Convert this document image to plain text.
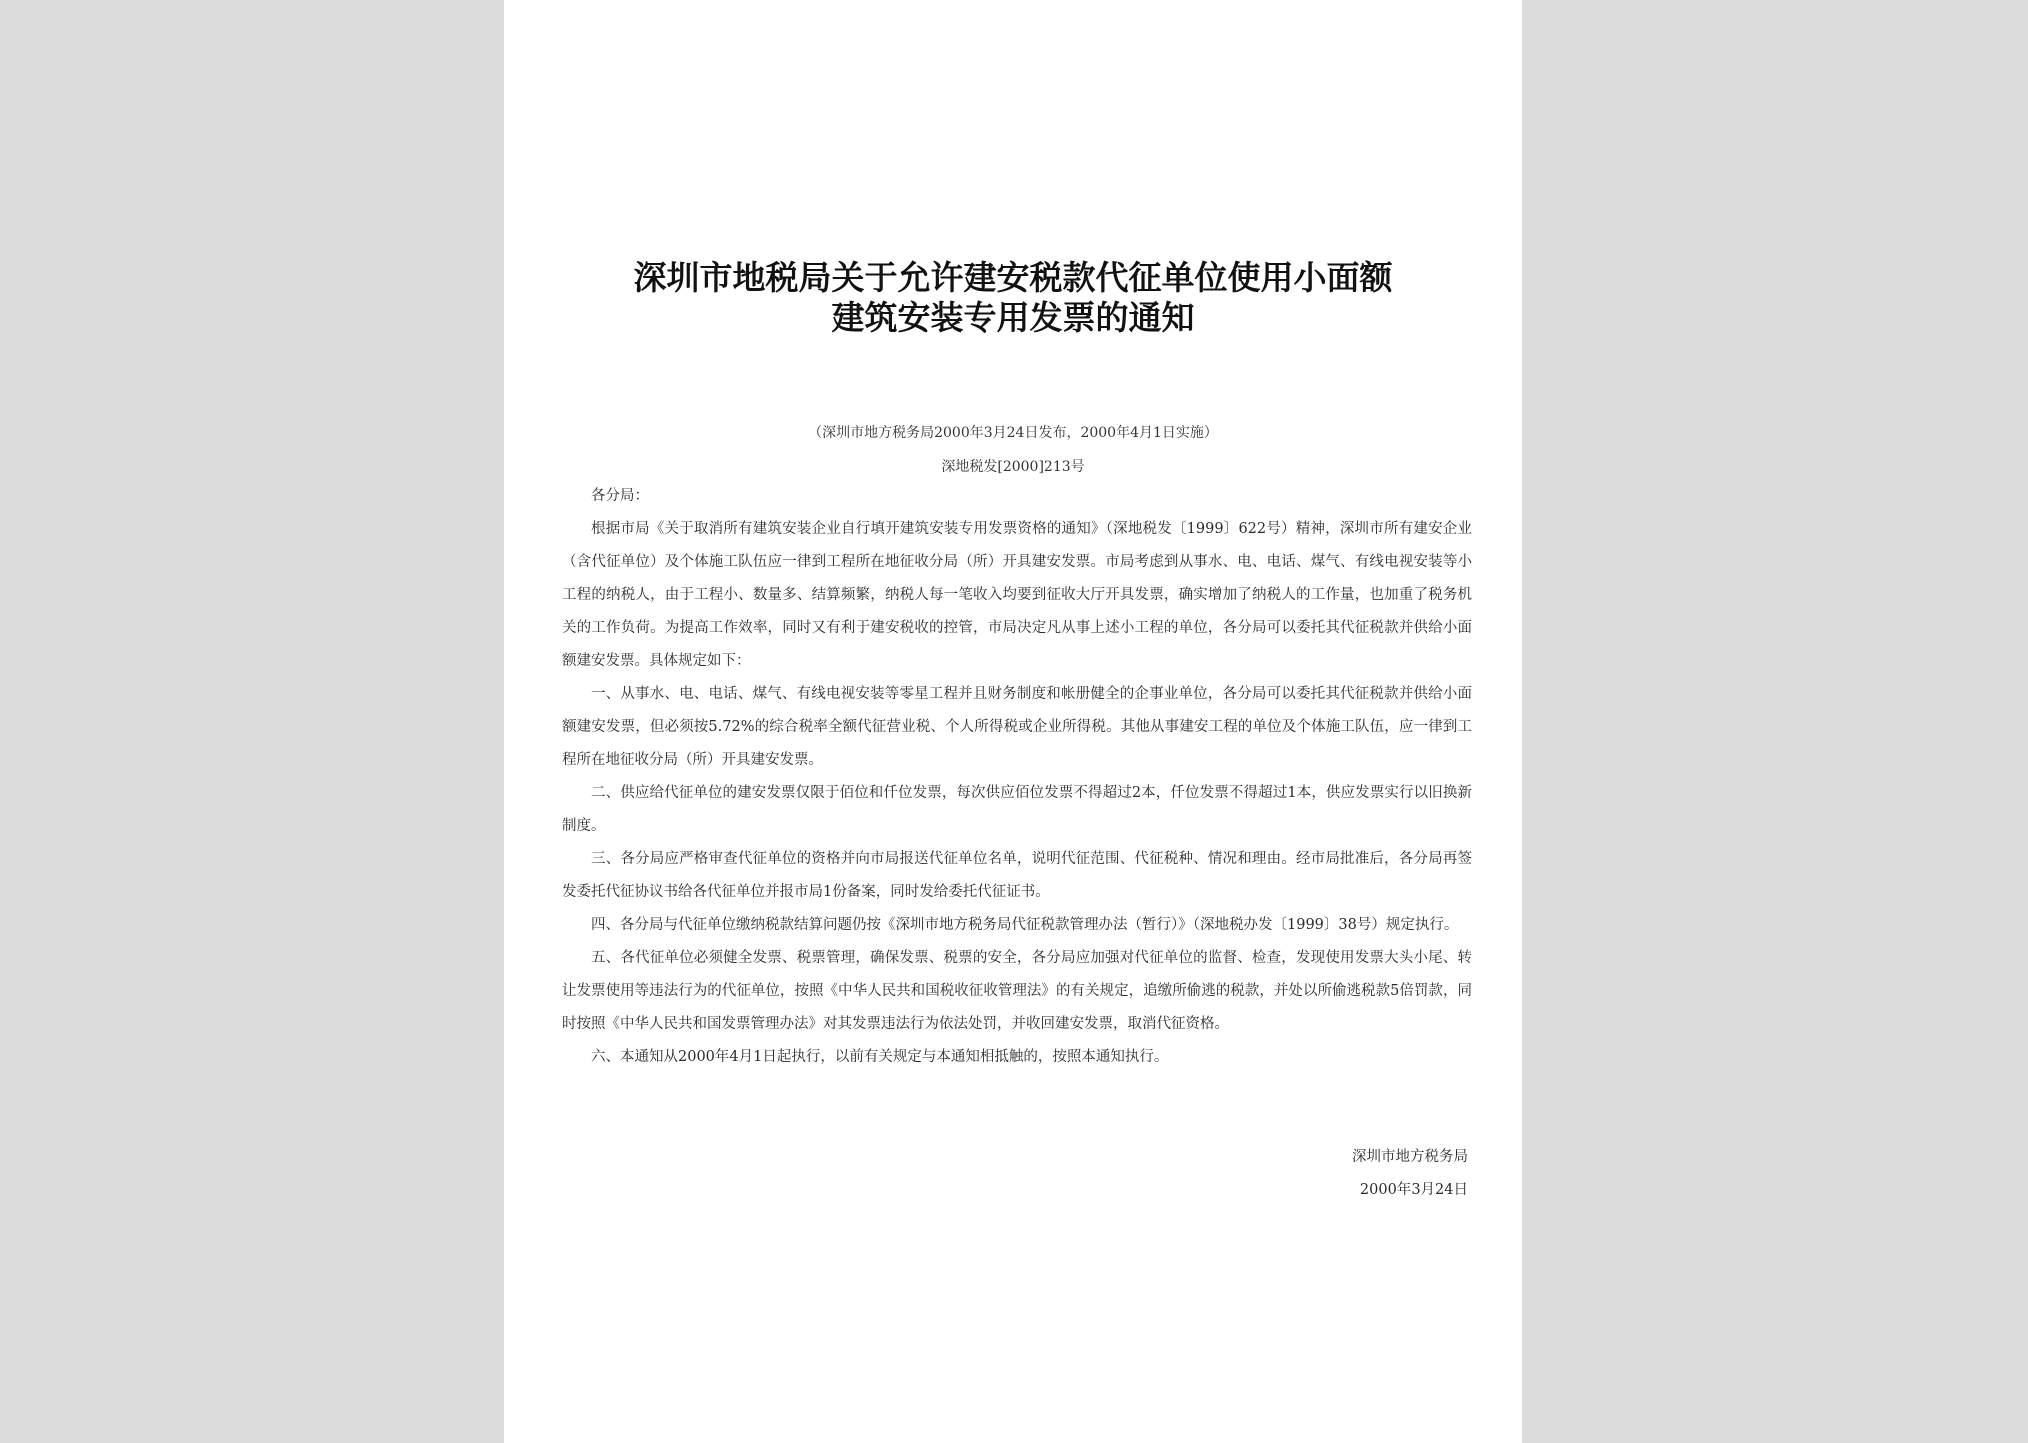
深圳市地税局关于允许建安税款代征单位使用小面额
建筑安装专用发票的通知
（深圳市地方税务局2000年3月24日发布，2000年4月1日实施）
深地税发[2000]213号

各分局：

根据市局《关于取消所有建筑安装企业自行填开建筑安装专用发票资格的通知》（深地税发〔1999〕622号）精神，深圳市所有建安企业（含代征单位）及个体施工队伍应一律到工程所在地征收分局（所）开具建安发票。市局考虑到从事水、电、电话、煤气、有线电视安装等小工程的纳税人，由于工程小、数量多、结算频繁，纳税人每一笔收入均要到征收大厅开具发票，确实增加了纳税人的工作量，也加重了税务机关的工作负荷。为提高工作效率，同时又有利于建安税收的控管，市局决定凡从事上述小工程的单位，各分局可以委托其代征税款并供给小面额建安发票。具体规定如下：

一、从事水、电、电话、煤气、有线电视安装等零星工程并且财务制度和帐册健全的企事业单位，各分局可以委托其代征税款并供给小面额建安发票，但必须按5.72%的综合税率全额代征营业税、个人所得税或企业所得税。其他从事建安工程的单位及个体施工队伍，应一律到工程所在地征收分局（所）开具建安发票。

二、供应给代征单位的建安发票仅限于佰位和仟位发票，每次供应佰位发票不得超过2本，仟位发票不得超过1本，供应发票实行以旧换新制度。

三、各分局应严格审查代征单位的资格并向市局报送代征单位名单，说明代征范围、代征税种、情况和理由。经市局批准后，各分局再签发委托代征协议书给各代征单位并报市局1份备案，同时发给委托代征证书。

四、各分局与代征单位缴纳税款结算问题仍按《深圳市地方税务局代征税款管理办法（暂行）》（深地税办发〔1999〕38号）规定执行。

五、各代征单位必须健全发票、税票管理，确保发票、税票的安全，各分局应加强对代征单位的监督、检查，发现使用发票大头小尾、转让发票使用等违法行为的代征单位，按照《中华人民共和国税收征收管理法》的有关规定，追缴所偷逃的税款，并处以所偷逃税款5倍罚款，同时按照《中华人民共和国发票管理办法》对其发票违法行为依法处罚，并收回建安发票，取消代征资格。

六、本通知从2000年4月1日起执行，以前有关规定与本通知相抵触的，按照本通知执行。

深圳市地方税务局
2000年3月24日
